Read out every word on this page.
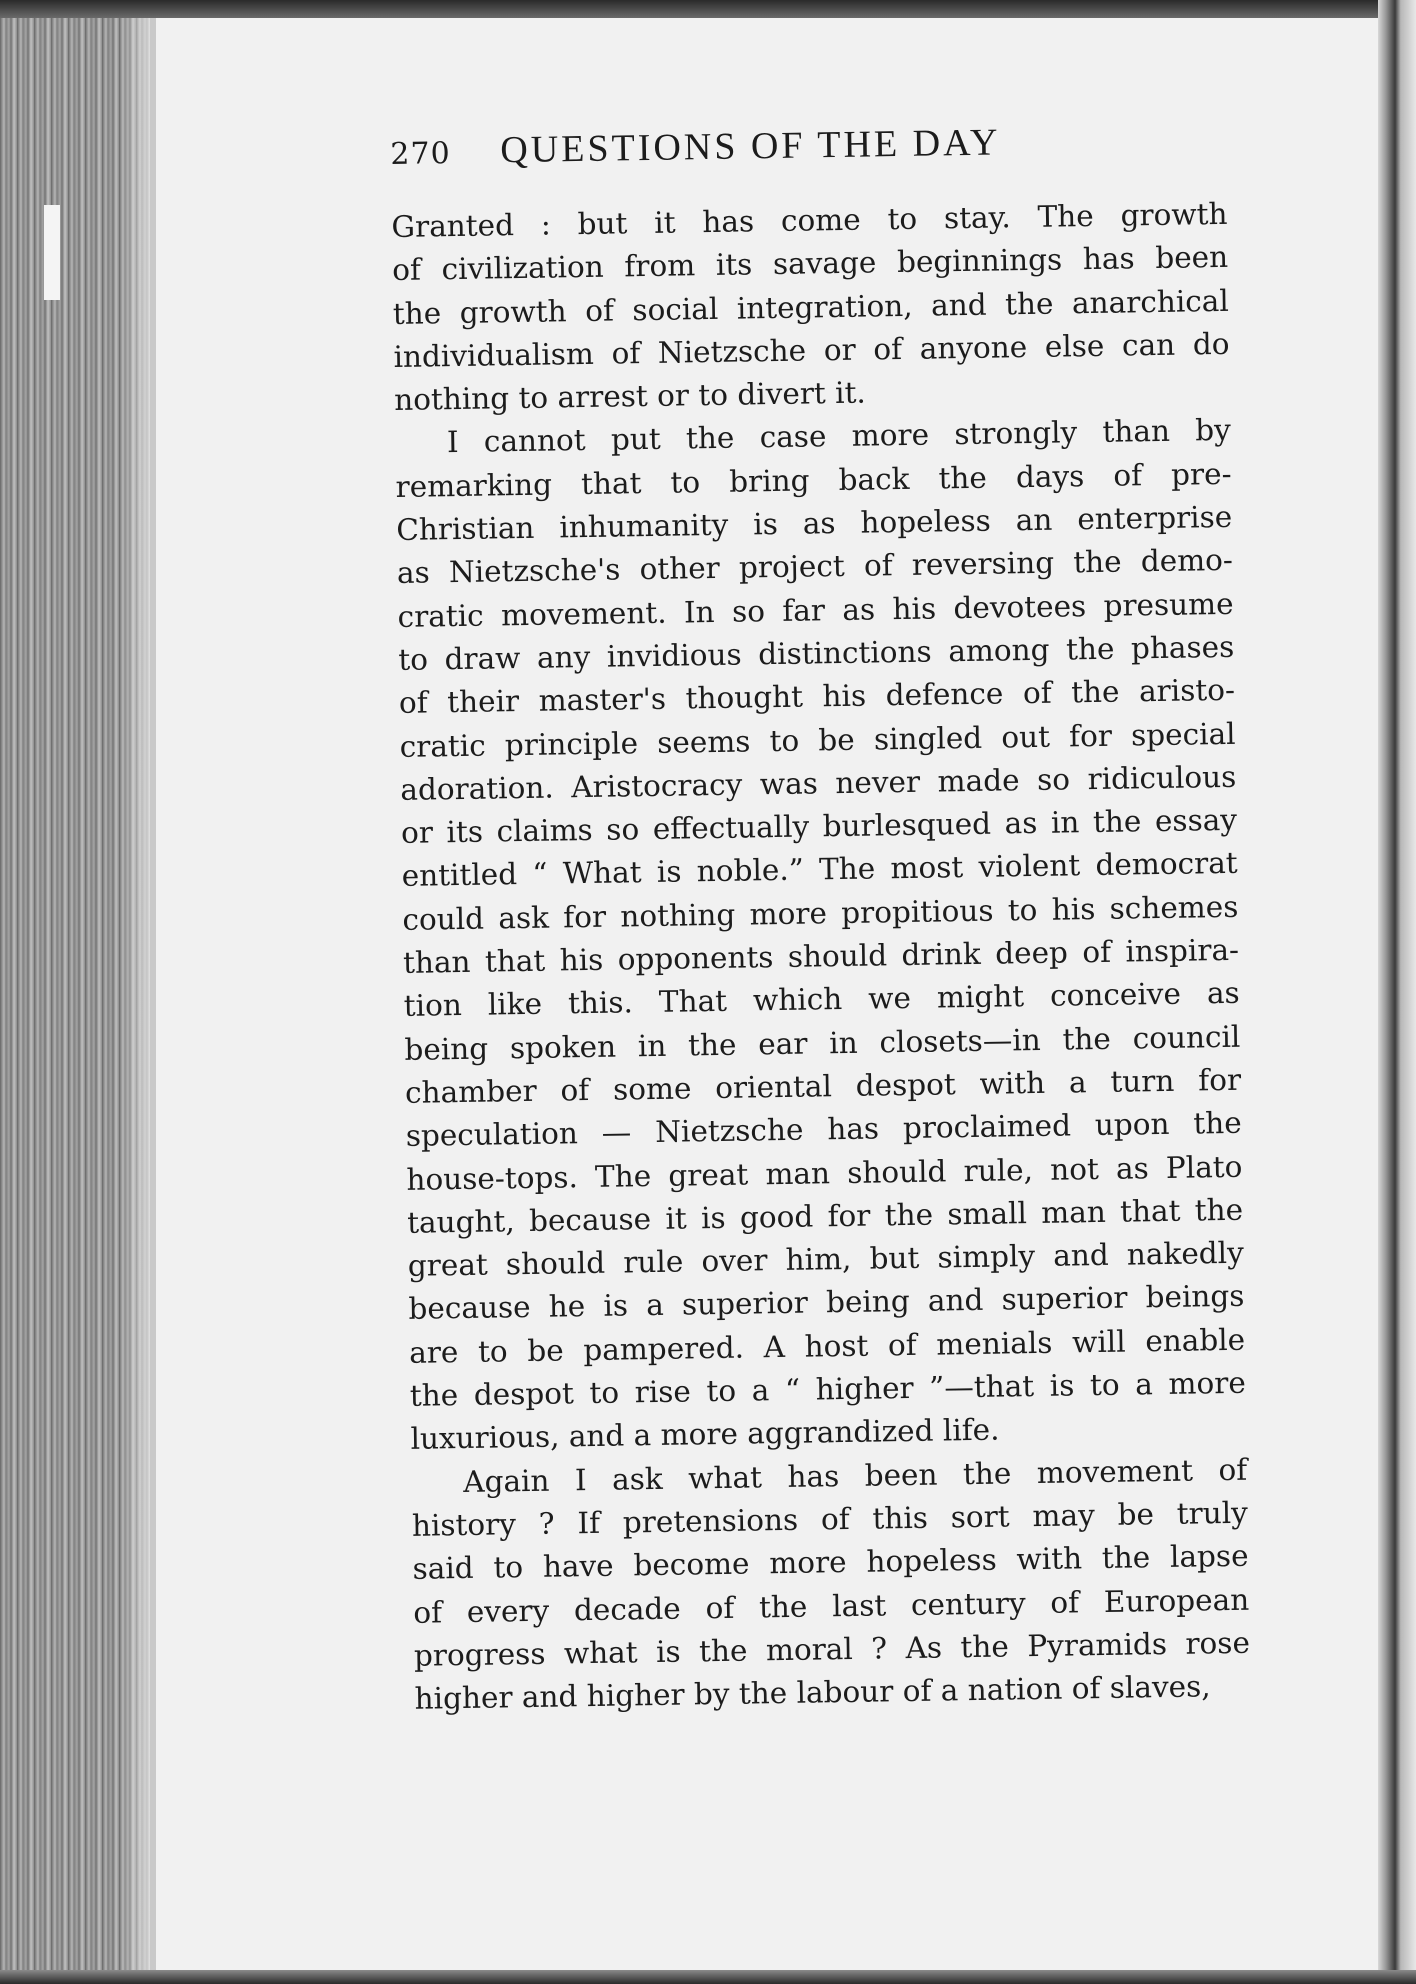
270	QUESTIONS OF THE DAY
Granted : but it has come to stay. The growth
of civilization from its savage beginnings has been
the growth of social integration, and the anarchical
individualism of Nietzsche or of anyone else can do
nothing to arrest or to divert it.
I cannot put the case more strongly than by
remarking that to bring back the days of pre-
Christian inhumanity is as hopeless an enterprise
as Nietzsche's other project of reversing the demo-
cratic movement. In so far as his devotees presume
to draw any invidious distinctions among the phases
of their master's thought his defence of the aristo-
cratic principle seems to be singled out for special
adoration. Aristocracy was never made so ridiculous
or its claims so effectually burlesqued as in the essay
entitled “ What is noble.” The most violent democrat
could ask for nothing more propitious to his schemes
than that his opponents should drink deep of inspira-
tion like this. That which we might conceive as
being spoken in the ear in closets—in the council
chamber of some oriental despot with a turn for
speculation — Nietzsche has proclaimed upon the
house-tops. The great man should rule, not as Plato
taught, because it is good for the small man that the
great should rule over him, but simply and nakedly
because he is a superior being and superior beings
are to be pampered. A host of menials will enable
the despot to rise to a “ higher ”—that is to a more
luxurious, and a more aggrandized life.
Again I ask what has been the movement of
history ? If pretensions of this sort may be truly
said to have become more hopeless with the lapse
of every decade of the last century of European
progress what is the moral ? As the Pyramids rose
higher and higher by the labour of a nation of slaves,
